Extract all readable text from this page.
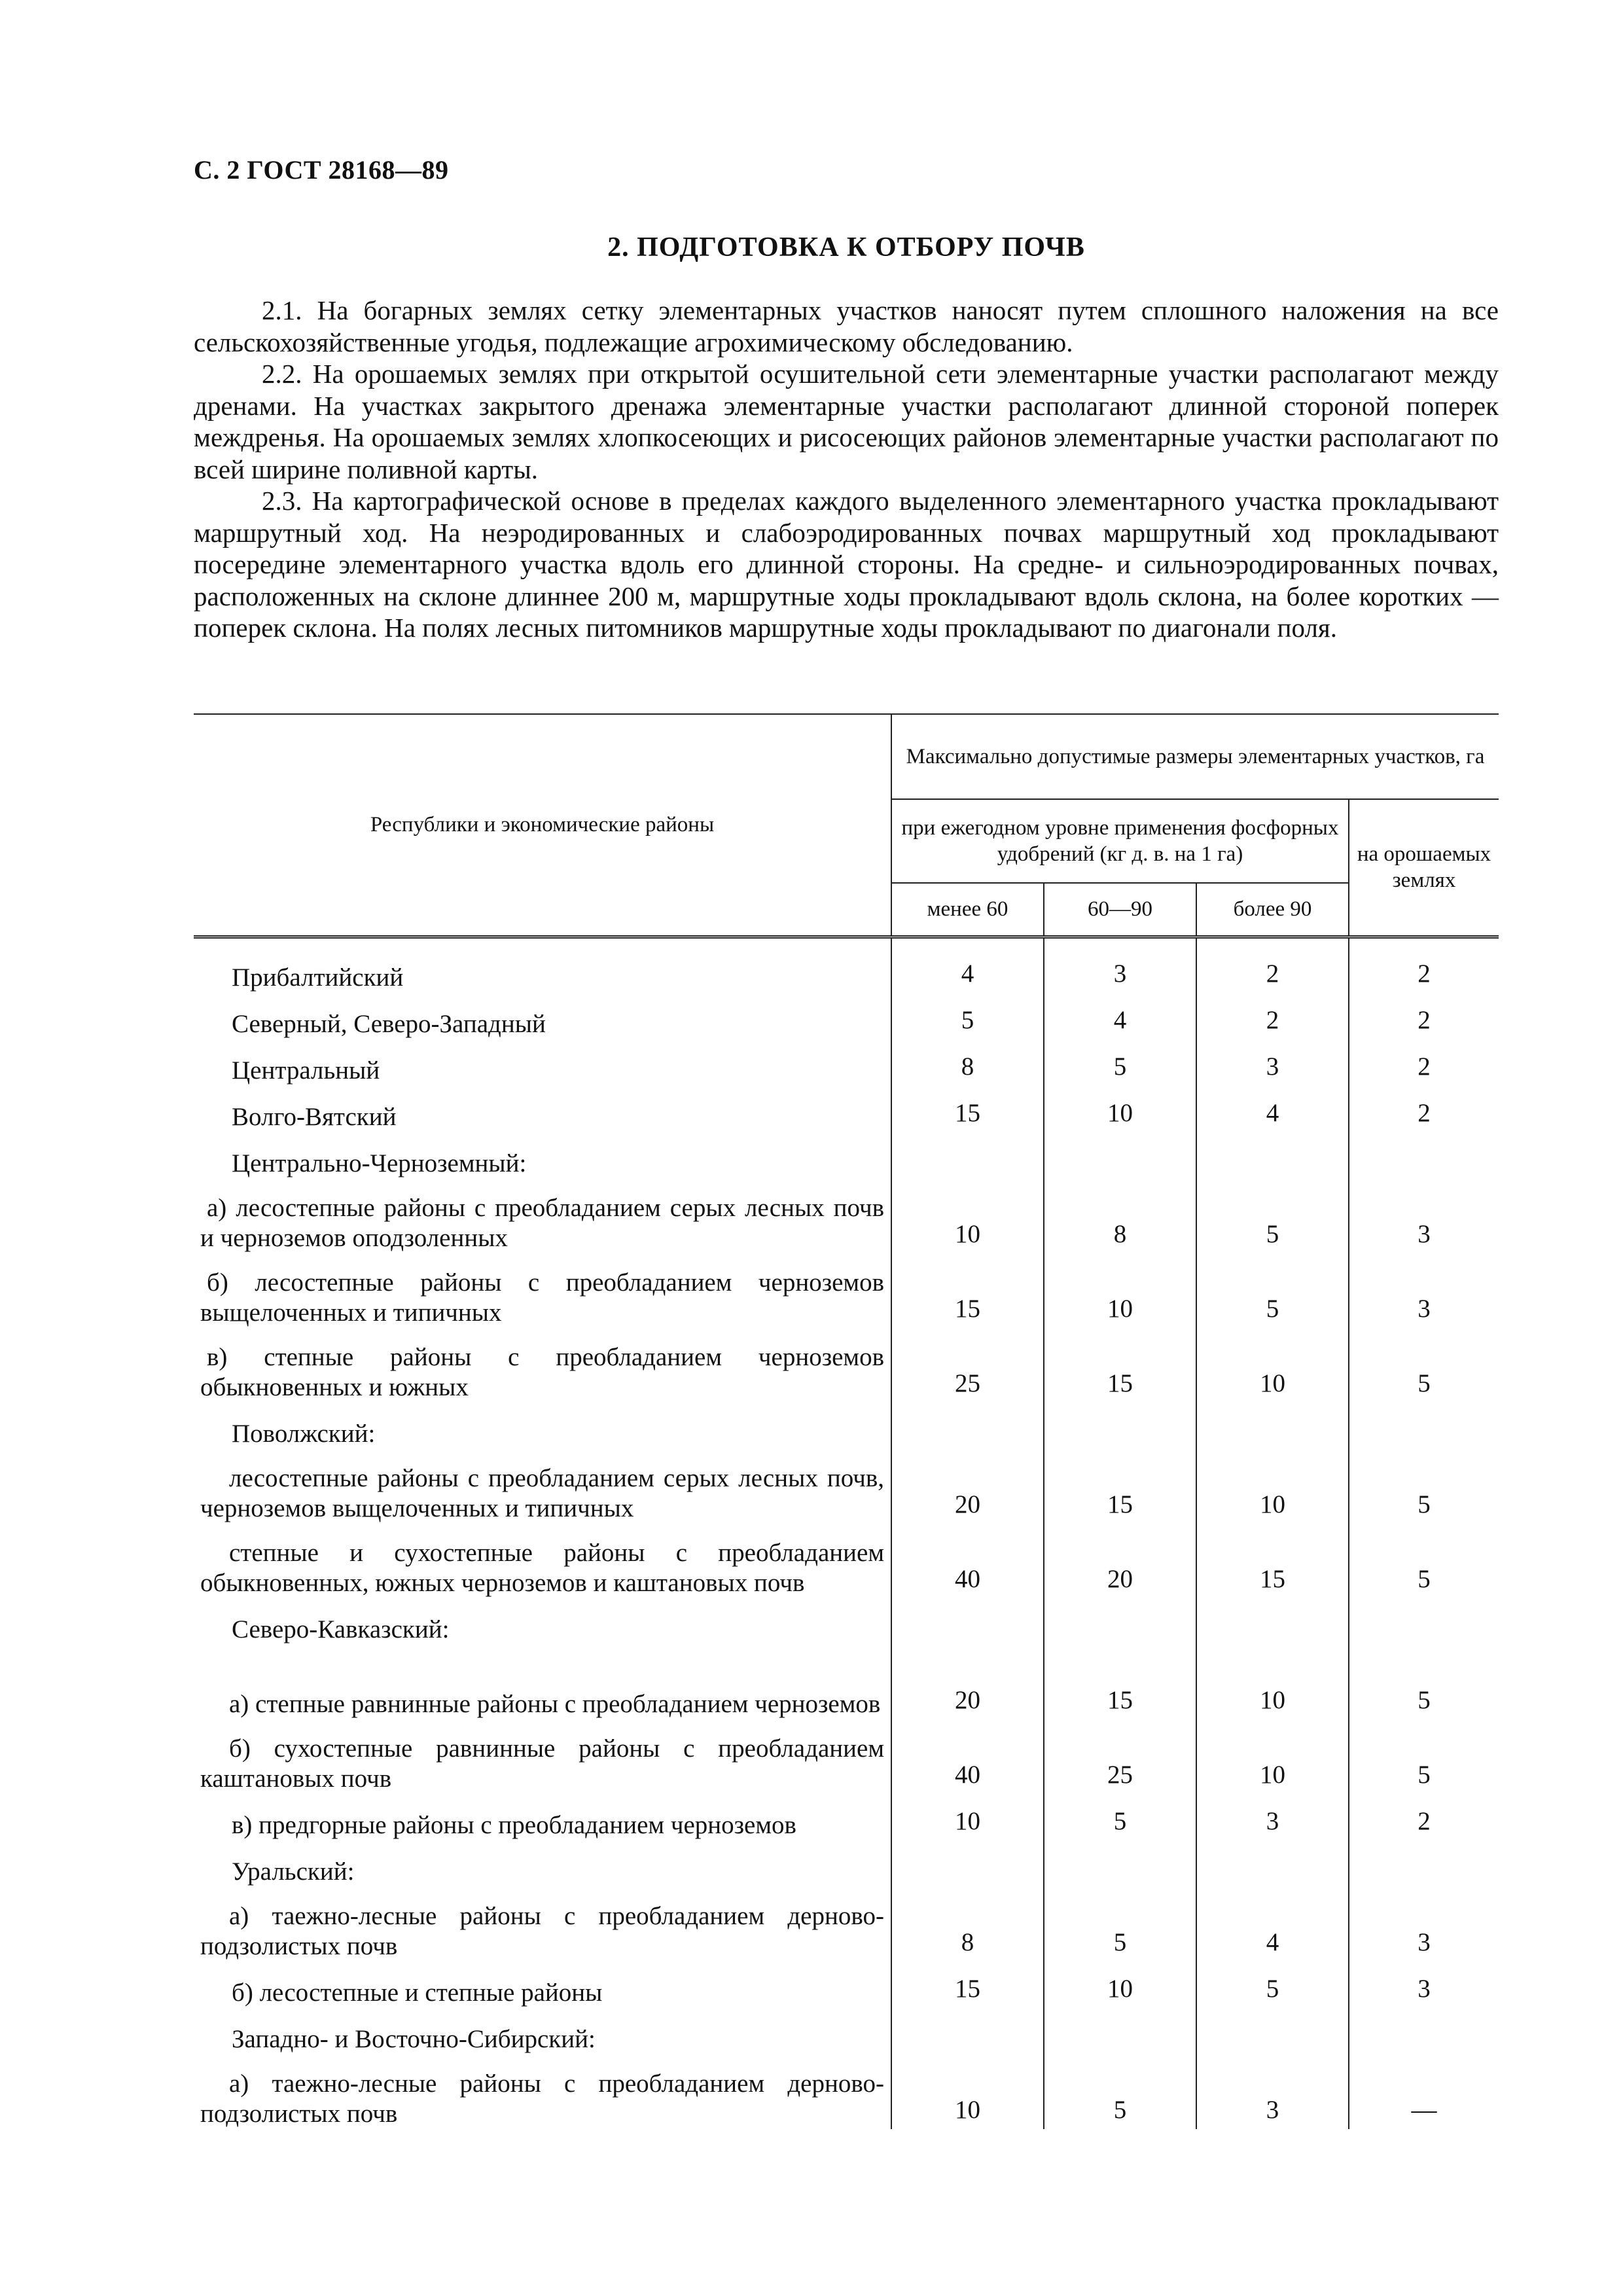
С. 2 ГОСТ 28168—89
2. ПОДГОТОВКА К ОТБОРУ ПОЧВ

2.1. На богарных землях сетку элементарных участков наносят путем сплошного наложения на все сельскохозяйственные угодья, подлежащие агрохимическому обследованию.

2.2. На орошаемых землях при открытой осушительной сети элементарные участки располагают между дренами. На участках закрытого дренажа элементарные участки располагают длинной стороной поперек междренья. На орошаемых землях хлопкосеющих и рисосеющих районов элементарные участки располагают по всей ширине поливной карты.

2.3. На картографической основе в пределах каждого выделенного элементарного участка прокладывают маршрутный ход. На неэродированных и слабоэродированных почвах маршрутный ход прокладывают посередине элементарного участка вдоль его длинной стороны. На средне- и сильноэродированных почвах, расположенных на склоне длиннее 200 м, маршрутные ходы прокладывают вдоль склона, на более коротких — поперек склона. На полях лесных питомников маршрутные ходы прокладывают по диагонали поля.

Республики и экономические районы	Максимально допустимые размеры элементарных участков, га			
	при ежегодном уровне применения фосфорных удобрений (кг д. в. на 1 га)			на орошаемых землях
	менее 60	60—90	более 90	
Прибалтийский	4	3	2	2
Северный, Северо-Западный	5	4	2	2
Центральный	8	5	3	2
Волго-Вятский	15	10	4	2
Центрально-Черноземный:				

а) лесостепные районы с преобладанием серых лесных почв и черноземов оподзоленных	10	8	5	3

б) лесостепные районы с преобладанием черноземов выщелоченных и типичных	15	10	5	3

в) степные районы с преобладанием черноземов обыкновенных и южных	25	15	10	5
Поволжский:				

лесостепные районы с преобладанием серых лесных почв, черноземов выщелоченных и типичных	20	15	10	5

степные и сухостепные районы с преобладанием обыкновенных, южных черноземов и каштановых почв	40	20	15	5
Северо-Кавказский:				

а) степные равнинные районы с преобладанием черноземов	20	15	10	5

б) сухостепные равнинные районы с преобладанием каштановых почв	40	25	10	5
в) предгорные районы с преобладанием черноземов	10	5	3	2
Уральский:				

а) таежно-лесные районы с преобладанием дерново-подзолистых почв	8	5	4	3
б) лесостепные и степные районы	15	10	5	3
Западно- и Восточно-Сибирский:				

а) таежно-лесные районы с преобладанием дерново-подзолистых почв	10	5	3	—
